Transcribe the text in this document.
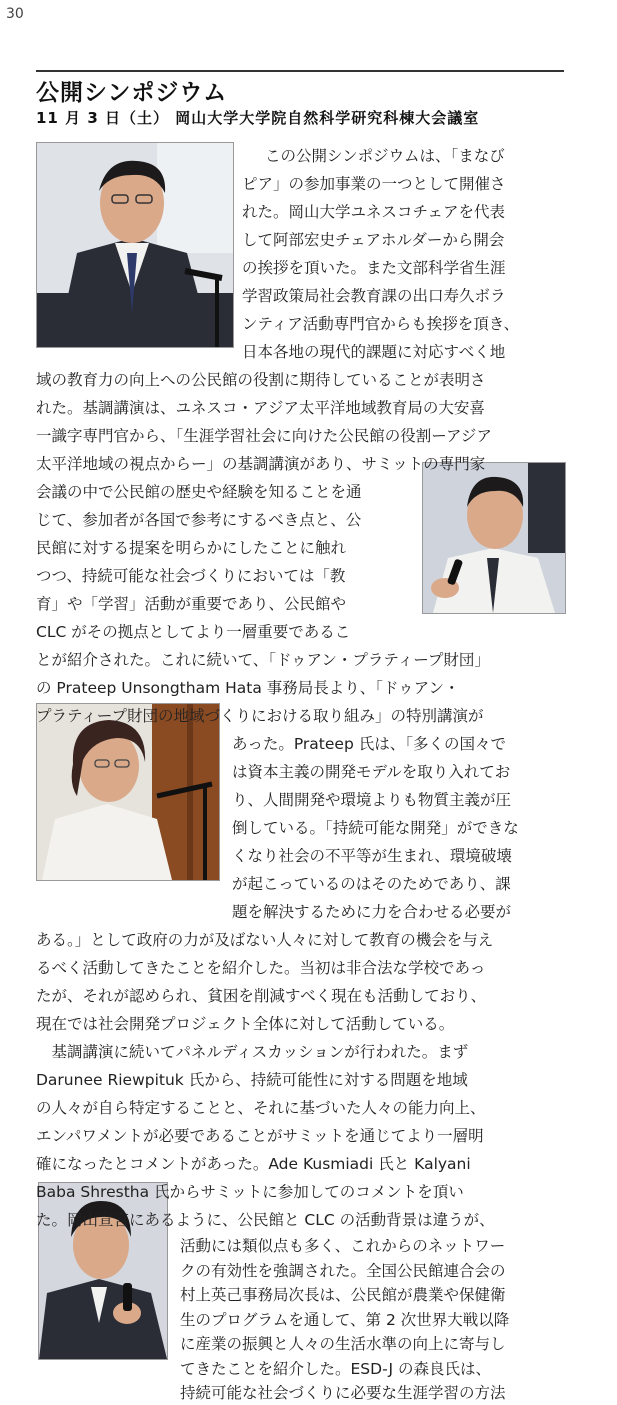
30
公開シンポジウム
11 月 3 日（土） 岡山大学大学院自然科学研究科棟大会議室
この公開シンポジウムは、「まなび
ピア」の参加事業の一つとして開催さ
れた。岡山大学ユネスコチェアを代表
して阿部宏史チェアホルダーから開会
の挨拶を頂いた。また文部科学省生涯
学習政策局社会教育課の出口寿久ボラ
ンティア活動専門官からも挨拶を頂き、
日本各地の現代的課題に対応すべく地
域の教育力の向上への公民館の役割に期待していることが表明さ
れた。基調講演は、ユネスコ・アジア太平洋地域教育局の大安喜
一識字専門官から、「生涯学習社会に向けた公民館の役割ーアジア
太平洋地域の視点からー」の基調講演があり、サミットの専門家
会議の中で公民館の歴史や経験を知ることを通
じて、参加者が各国で参考にするべき点と、公
民館に対する提案を明らかにしたことに触れ
つつ、持続可能な社会づくりにおいては「教
育」や「学習」活動が重要であり、公民館や
CLC がその拠点としてより一層重要であるこ
とが紹介された。これに続いて、「ドゥアン・プラティープ財団」
の Prateep Unsongtham Hata 事務局長より、「ドゥアン・
プラティープ財団の地域づくりにおける取り組み」の特別講演が
あった。Prateep 氏は、「多くの国々で
は資本主義の開発モデルを取り入れてお
り、人間開発や環境よりも物質主義が圧
倒している。「持続可能な開発」ができな
くなり社会の不平等が生まれ、環境破壊
が起こっているのはそのためであり、課
題を解決するために力を合わせる必要が
ある。」として政府の力が及ばない人々に対して教育の機会を与え
るべく活動してきたことを紹介した。当初は非合法な学校であっ
たが、それが認められ、貧困を削減すべく現在も活動しており、
現在では社会開発プロジェクト全体に対して活動している。
　基調講演に続いてパネルディスカッションが行われた。まず
Darunee Riewpituk 氏から、持続可能性に対する問題を地域
の人々が自ら特定することと、それに基づいた人々の能力向上、
エンパワメントが必要であることがサミットを通じてより一層明
確になったとコメントがあった。Ade Kusmiadi 氏と Kalyani
Baba Shrestha 氏からサミットに参加してのコメントを頂い
た。岡山宣言にあるように、公民館と CLC の活動背景は違うが、
活動には類似点も多く、これからのネットワー
クの有効性を強調された。全国公民館連合会の
村上英己事務局次長は、公民館が農業や保健衛
生のプログラムを通して、第 2 次世界大戦以降
に産業の振興と人々の生活水準の向上に寄与し
てきたことを紹介した。ESD-J の森良氏は、
持続可能な社会づくりに必要な生涯学習の方法
